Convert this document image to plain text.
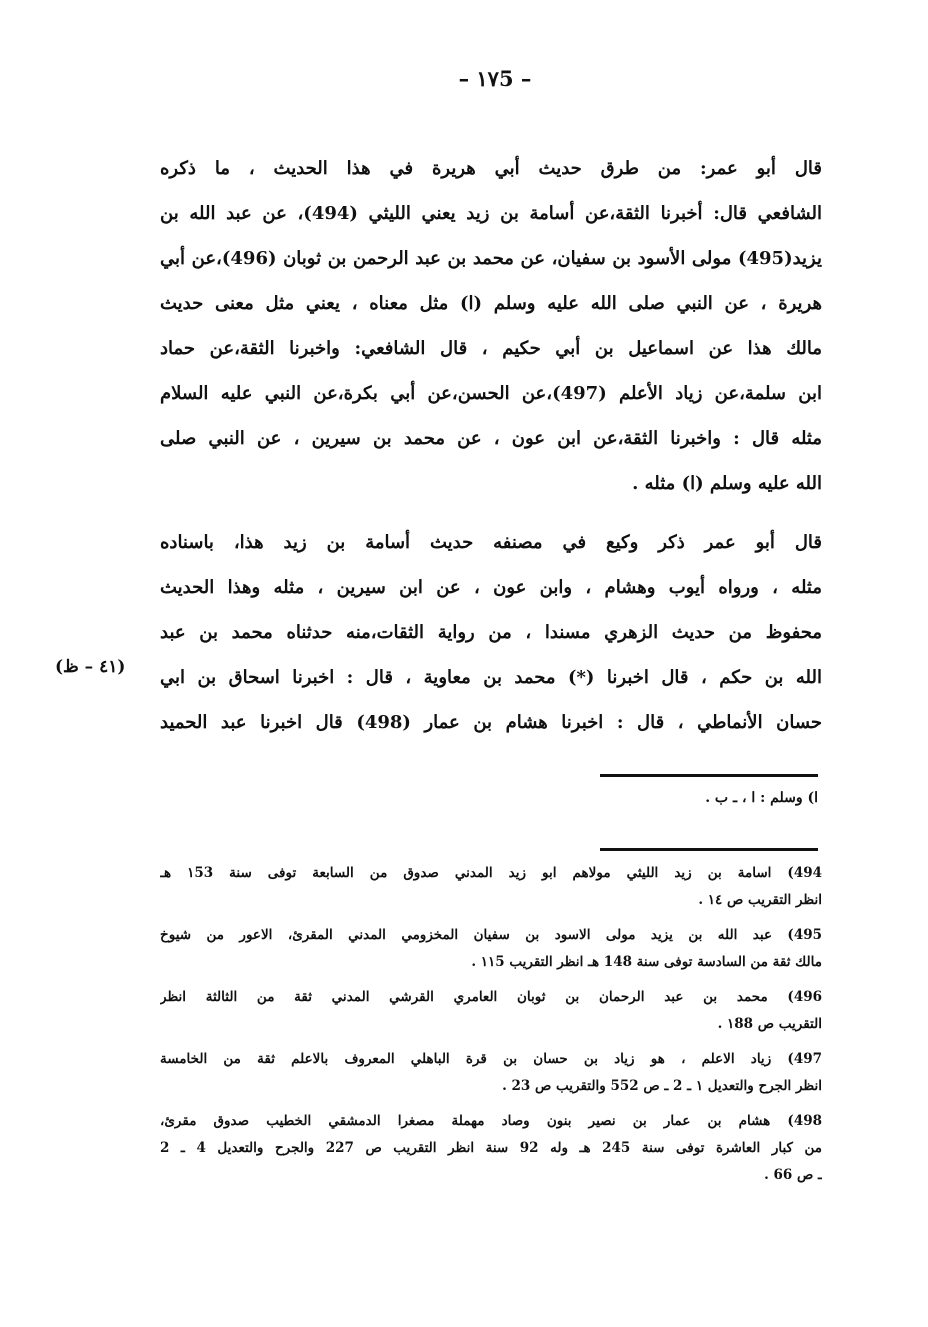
– ١٧5 –
قال أبو عمر: من طرق حديث أبي هريرة في هذا الحديث ، ما ذكره
الشافعي قال: أخبرنا الثقة،عن أسامة بن زيد يعني الليثي (494)، عن عبد الله بن
يزيد(495) مولى الأسود بن سفيان، عن محمد بن عبد الرحمن بن ثوبان (496)،عن أبي
هريرة ، عن النبي صلى الله عليه وسلم (ا) مثل معناه ، يعني مثل معنى حديث
مالك هذا عن اسماعيل بن أبي حكيم ، قال الشافعي: واخبرنا الثقة،عن حماد
ابن سلمة،عن زياد الأعلم (497)،عن الحسن،عن أبي بكرة،عن النبي عليه السلام
مثله قال : واخبرنا الثقة،عن ابن عون ، عن محمد بن سيرين ، عن النبي صلى
الله عليه وسلم (ا) مثله .
قال أبو عمر ذكر وكيع في مصنفه حديث أسامة بن زيد هذا، باسناده
مثله ، ورواه أيوب وهشام ، وابن عون ، عن ابن سيرين ، مثله وهذا الحديث
محفوظ من حديث الزهري مسندا ، من رواية الثقات،منه حدثناه محمد بن عبد
الله بن حكم ، قال اخبرنا (*) محمد بن معاوية ، قال : اخبرنا اسحاق بن ابي
حسان الأنماطي ، قال : اخبرنا هشام بن عمار (498) قال اخبرنا عبد الحميد
(٤١ – ظ)
ا) وسلم : ا ، ـ ب .
494) اسامة بن زيد الليثي مولاهم ابو زيد المدني صدوق من السابعة توفى سنة ١53 هـ
انظر التقريب ص ١٤ .
495) عبد الله بن يزيد مولى الاسود بن سفيان المخزومي المدني المقرئ، الاعور من شيوخ
مالك ثقة من السادسة توفى سنة 148 هـ انظر التقريب ١١5 .
496) محمد بن عبد الرحمان بن ثوبان العامري القرشي المدني ثقة من الثالثة انظر
التقريب ص ١88 .
497) زياد الاعلم ، هو زياد بن حسان بن قرة الباهلي المعروف بالاعلم ثقة من الخامسة
انظر الجرح والتعديل ١ ـ 2 ـ ص 552 والتقريب ص 23 .
498) هشام بن عمار بن نصير بنون وصاد مهملة مصغرا الدمشقي الخطيب صدوق مقرئ،
من كبار العاشرة توفى سنة 245 هـ وله 92 سنة انظر التقريب ص 227 والجرح والتعديل 4 ـ 2
ـ ص 66 .
